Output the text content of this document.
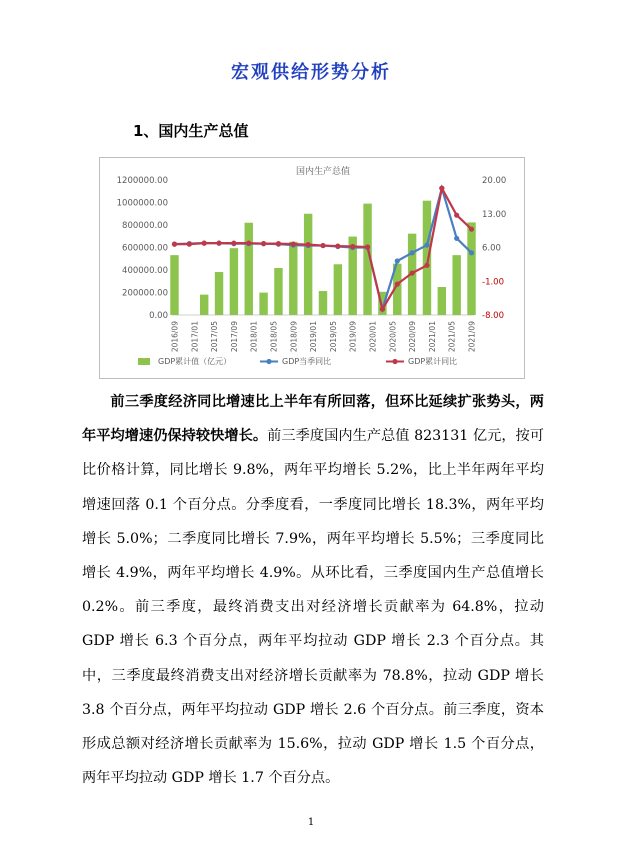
宏观供给形势分析
1、国内生产总值
国内生产总值
0.00
200000.00
400000.00
600000.00
800000.00
1000000.00
1200000.00	20.00
13.00
6.00
-1.00
-8.00
2016/09 2017/01 2017/05 2017/09 2018/01 2018/05 2018/09 2019/01 2019/05 2019/09 2020/01 2020/05 2020/09 2021/01 2021/05 2021/09
GDP累计值（亿元）	GDP当季同比	GDP累计同比

前三季度经济同比增速比上半年有所回落，但环比延续扩张势头，两年平均增速仍保持较快增长。前三季度国内生产总值 823131 亿元，按可比价格计算，同比增长 9.8%，两年平均增长 5.2%，比上半年两年平均增速回落 0.1 个百分点。分季度看，一季度同比增长 18.3%，两年平均增长 5.0%；二季度同比增长 7.9%，两年平均增长 5.5%；三季度同比增长 4.9%，两年平均增长 4.9%。从环比看，三季度国内生产总值增长 0.2%。前三季度，最终消费支出对经济增长贡献率为 64.8%，拉动 GDP 增长 6.3 个百分点，两年平均拉动 GDP 增长 2.3 个百分点。其中，三季度最终消费支出对经济增长贡献率为 78.8%，拉动 GDP 增长 3.8 个百分点，两年平均拉动 GDP 增长 2.6 个百分点。前三季度，资本形成总额对经济增长贡献率为 15.6%，拉动 GDP 增长 1.5 个百分点，两年平均拉动 GDP 增长 1.7 个百分点。

1
